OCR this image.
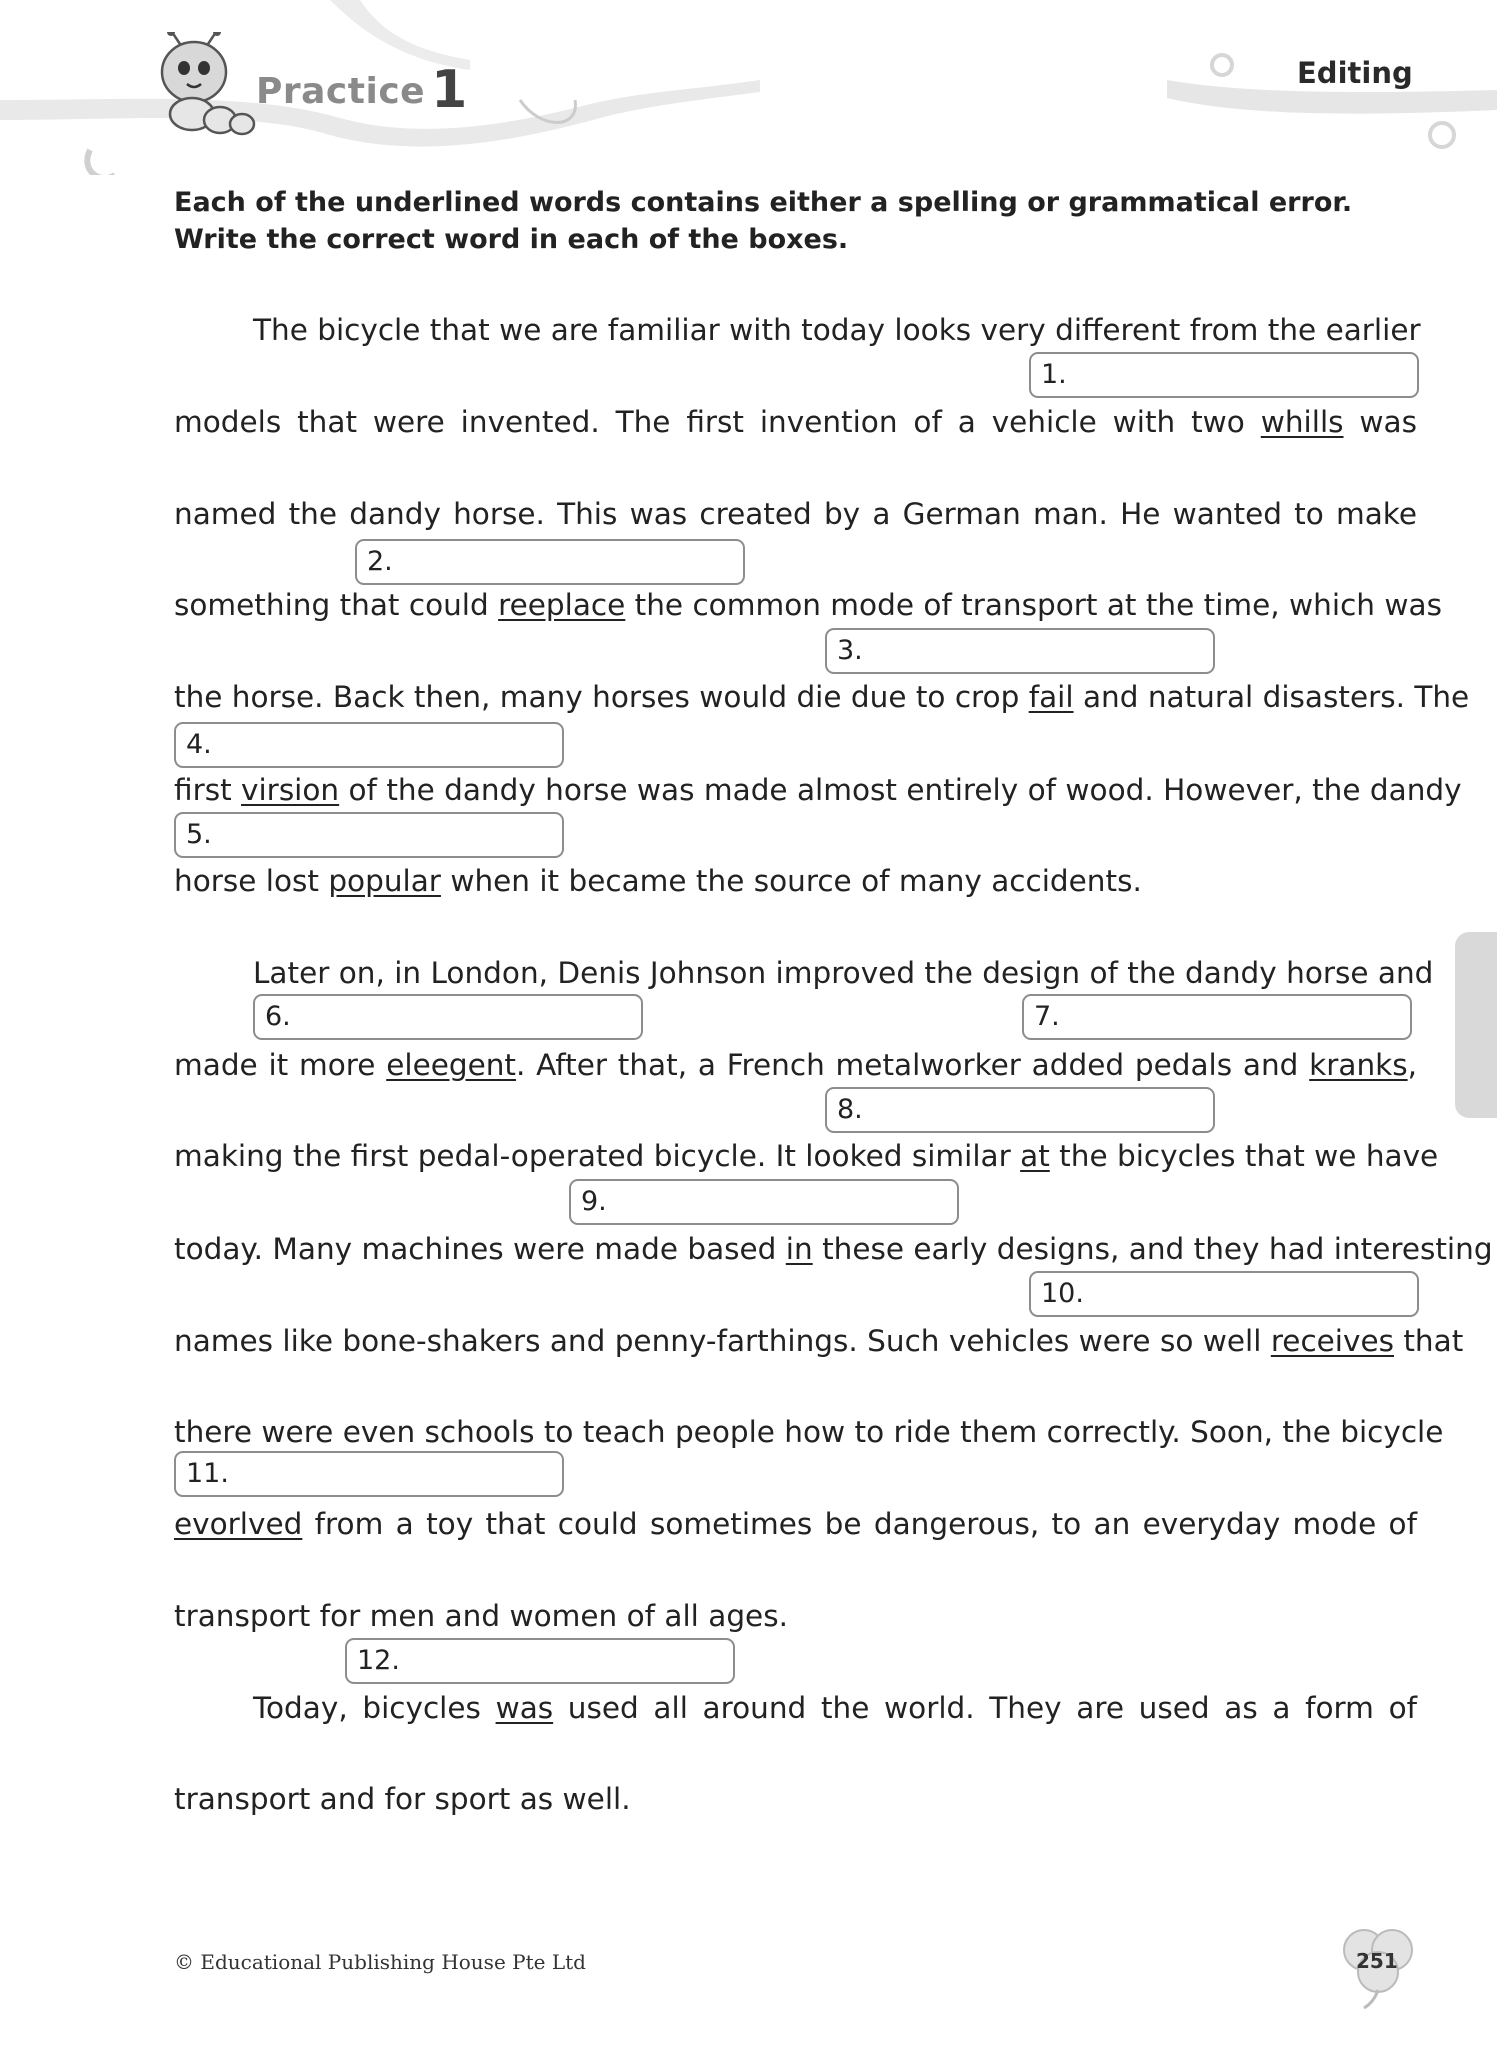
Practice 1	Editing
Each of the underlined words contains either a spelling or grammatical error.
Write the correct word in each of the boxes.
The bicycle that we are familiar with today looks very different from the earlier
models that were invented. The first invention of a vehicle with two whills was
named the dandy horse. This was created by a German man. He wanted to make
something that could reeplace the common mode of transport at the time, which was
the horse. Back then, many horses would die due to crop fail and natural disasters. The
first virsion of the dandy horse was made almost entirely of wood. However, the dandy
horse lost popular when it became the source of many accidents.
Later on, in London, Denis Johnson improved the design of the dandy horse and
made it more eleegent. After that, a French metalworker added pedals and kranks,
making the first pedal-operated bicycle. It looked similar at the bicycles that we have
today. Many machines were made based in these early designs, and they had interesting
names like bone-shakers and penny-farthings. Such vehicles were so well receives that
there were even schools to teach people how to ride them correctly. Soon, the bicycle
evorlved from a toy that could sometimes be dangerous, to an everyday mode of
transport for men and women of all ages.
Today, bicycles was used all around the world. They are used as a form of
transport and for sport as well.
1.
2.
3.
4.
5.
6.	7.
8.
9.
10.
11.
12.
© Educational Publishing House Pte Ltd	251
